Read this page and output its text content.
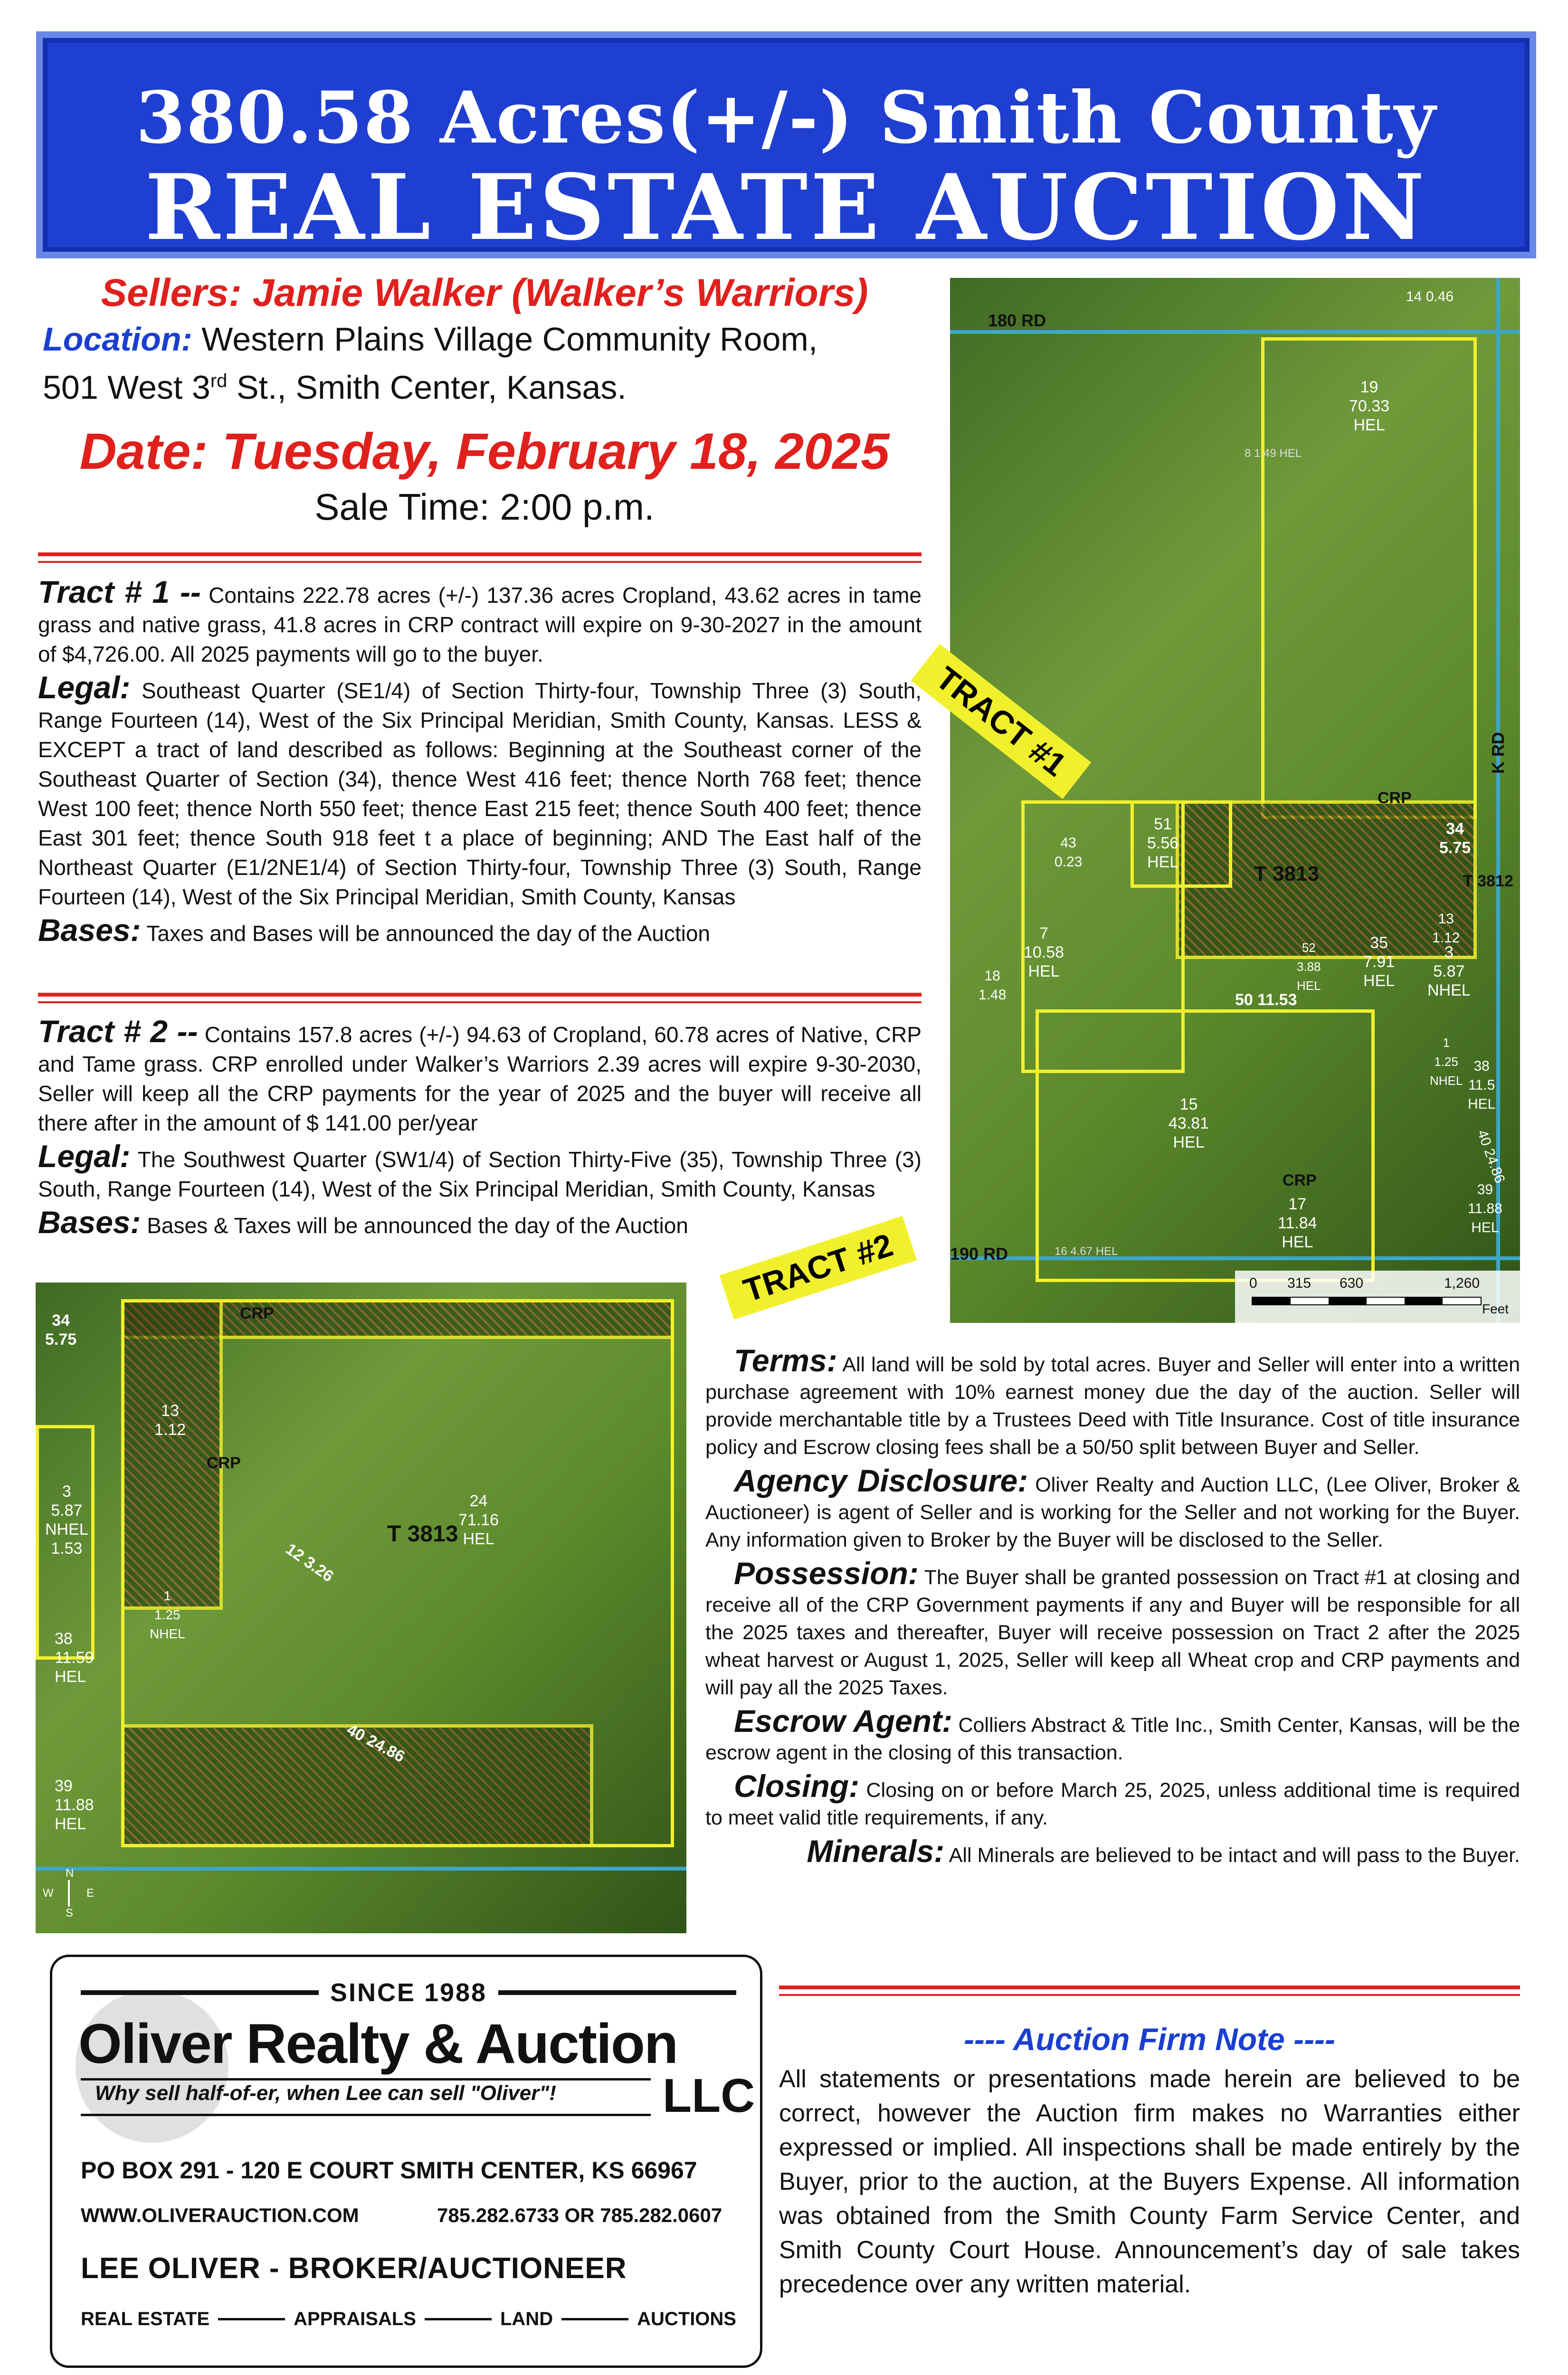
380.58 Acres(+/-) Smith County
REAL ESTATE AUCTION
Sellers: Jamie Walker (Walker’s Warriors)
Location: Western Plains Village Community Room,
501 West 3rd St., Smith Center, Kansas.
Date: Tuesday, February 18, 2025
Sale Time: 2:00 p.m.
Tract # 1 -- Contains 222.78 acres (+/-) 137.36 acres Cropland, 43.62 acres in tame grass and native grass, 41.8 acres in CRP contract will expire on 9-30-2027 in the amount of $4,726.00. All 2025 payments will go to the buyer.
Legal: Southeast Quarter (SE1/4) of Section Thirty-four, Township Three (3) South, Range Fourteen (14), West of the Six Principal Meridian, Smith County, Kansas. LESS & EXCEPT a tract of land described as follows: Beginning at the Southeast corner of the Southeast Quarter of Section (34), thence West 416 feet; thence North 768 feet; thence West 100 feet; thence North 550 feet; thence East 215 feet; thence South 400 feet; thence East 301 feet; thence South 918 feet t a place of beginning; AND The East half of the Northeast Quarter (E1/2NE1/4) of Section Thirty-four, Township Three (3) South, Range Fourteen (14), West of the Six Principal Meridian, Smith County, Kansas
Bases: Taxes and Bases will be announced the day of the Auction
Tract # 2 -- Contains 157.8 acres (+/-) 94.63 of Cropland, 60.78 acres of Native, CRP and Tame grass. CRP enrolled under Walker’s Warriors 2.39 acres will expire 9-30-2030, Seller will keep all the CRP payments for the year of 2025 and the buyer will receive all there after in the amount of $ 141.00 per/year
Legal: The Southwest Quarter (SW1/4) of Section Thirty-Five (35), Township Three (3) South, Range Fourteen (14), West of the Six Principal Meridian, Smith County, Kansas
Bases: Bases & Taxes will be announced the day of the Auction
180 RD
K RD
190 RD
14 0.46
19
70.33
HEL
8 1.49 HEL
43
0.23
51
5.56
HEL	T 3813
CRP
34
5.75
T 3812
7
10.58
HEL
18
1.48
52
3.88
HEL
35
7.91
HEL
13
1.12
3
5.87
NHEL
50 11.53
15
43.81
HEL
1
1.25
NHEL
38
11.5
HEL
40 24.86
CRP
17
11.84
HEL
39
11.88
HEL
16 4.67 HEL
0 315 630	1,260
Feet
TRACT #1
34
5.75
CRP
13
1.12
CRP
3
5.87
NHEL
1.53	12 3.26
T 3813
24
71.16
HEL
1
1.25
NHEL
38
11.59
HEL
40 24.86
39
11.88
HEL
N
W	E
S
TRACT #2
Terms: All land will be sold by total acres. Buyer and Seller will enter into a written purchase agreement with 10% earnest money due the day of the auction. Seller will provide merchantable title by a Trustees Deed with Title Insurance. Cost of title insurance policy and Escrow closing fees shall be a 50/50 split between Buyer and Seller.
Agency Disclosure: Oliver Realty and Auction LLC, (Lee Oliver, Broker & Auctioneer) is agent of Seller and is working for the Seller and not working for the Buyer. Any information given to Broker by the Buyer will be disclosed to the Seller.
Possession: The Buyer shall be granted possession on Tract #1 at closing and receive all of the CRP Government payments if any and Buyer will be responsible for all the 2025 taxes and thereafter, Buyer will receive possession on Tract 2 after the 2025 wheat harvest or August 1, 2025, Seller will keep all Wheat crop and CRP payments and will pay all the 2025 Taxes.
Escrow Agent: Colliers Abstract & Title Inc., Smith Center, Kansas, will be the escrow agent in the closing of this transaction.
Closing: Closing on or before March 25, 2025, unless additional time is required to meet valid title requirements, if any.
Minerals: All Minerals are believed to be intact and will pass to the Buyer.
SINCE 1988
Oliver Realty & Auction
Why sell half-of-er, when Lee can sell "Oliver"! LLC
PO BOX 291 - 120 E COURT SMITH CENTER, KS 66967
WWW.OLIVERAUCTION.COM	785.282.6733 OR 785.282.0607
LEE OLIVER - BROKER/AUCTIONEER
REAL ESTATE	APPRAISALS	LAND	AUCTIONS
---- Auction Firm Note ----
All statements or presentations made herein are believed to be correct, however the Auction firm makes no Warranties either expressed or implied. All inspections shall be made entirely by the Buyer, prior to the auction, at the Buyers Expense. All information was obtained from the Smith County Farm Service Center, and Smith County Court House. Announcement’s day of sale takes precedence over any written material.
